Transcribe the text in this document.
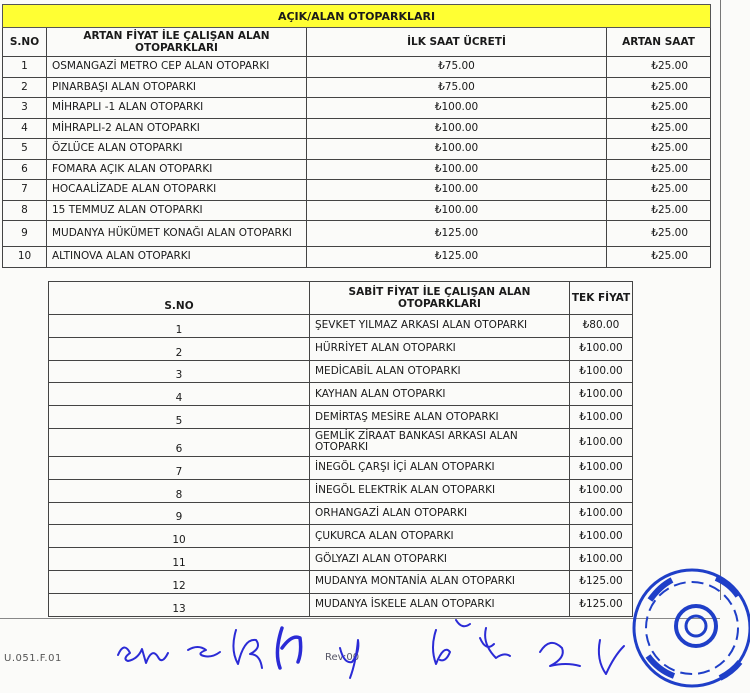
AÇIK/ALAN OTOPARKLARI			
S.NO	ARTAN FİYAT İLE ÇALIŞAN ALAN OTOPARKLARI	İLK SAAT ÜCRETİ	ARTAN SAAT
1	OSMANGAZİ METRO CEP ALAN OTOPARKI	₺75.00	₺25.00
2	PINARBAŞI ALAN OTOPARKI	₺75.00	₺25.00
3	MİHRAPLI -1 ALAN OTOPARKI	₺100.00	₺25.00
4	MİHRAPLI-2 ALAN OTOPARKI	₺100.00	₺25.00
5	ÖZLÜCE ALAN OTOPARKI	₺100.00	₺25.00
6	FOMARA AÇIK ALAN OTOPARKI	₺100.00	₺25.00
7	HOCAALİZADE ALAN OTOPARKI	₺100.00	₺25.00
8	15 TEMMUZ ALAN OTOPARKI	₺100.00	₺25.00
9	MUDANYA HÜKÜMET KONAĞI ALAN OTOPARKI	₺125.00	₺25.00
10	ALTINOVA ALAN OTOPARKI	₺125.00	₺25.00
S.NO	SABİT FİYAT İLE ÇALIŞAN ALAN OTOPARKLARI	TEK FİYAT
1	ŞEVKET YILMAZ ARKASI ALAN OTOPARKI	₺80.00
2	HÜRRİYET ALAN OTOPARKI	₺100.00
3	MEDİCABİL ALAN OTOPARKI	₺100.00
4	KAYHAN ALAN OTOPARKI	₺100.00
5	DEMİRTAŞ MESİRE ALAN OTOPARKI	₺100.00
6	GEMLİK ZİRAAT BANKASI ARKASI ALAN OTOPARKI	₺100.00
7	İNEGÖL ÇARŞI İÇİ ALAN OTOPARKI	₺100.00
8	İNEGÖL ELEKTRİK ALAN OTOPARKI	₺100.00
9	ORHANGAZİ ALAN OTOPARKI	₺100.00
10	ÇUKURCA ALAN OTOPARKI	₺100.00
11	GÖLYAZI ALAN OTOPARKI	₺100.00
12	MUDANYA MONTANİA ALAN OTOPARKI	₺125.00
13	MUDANYA İSKELE ALAN OTOPARKI	₺125.00
U.051.F.01	Rev:00
